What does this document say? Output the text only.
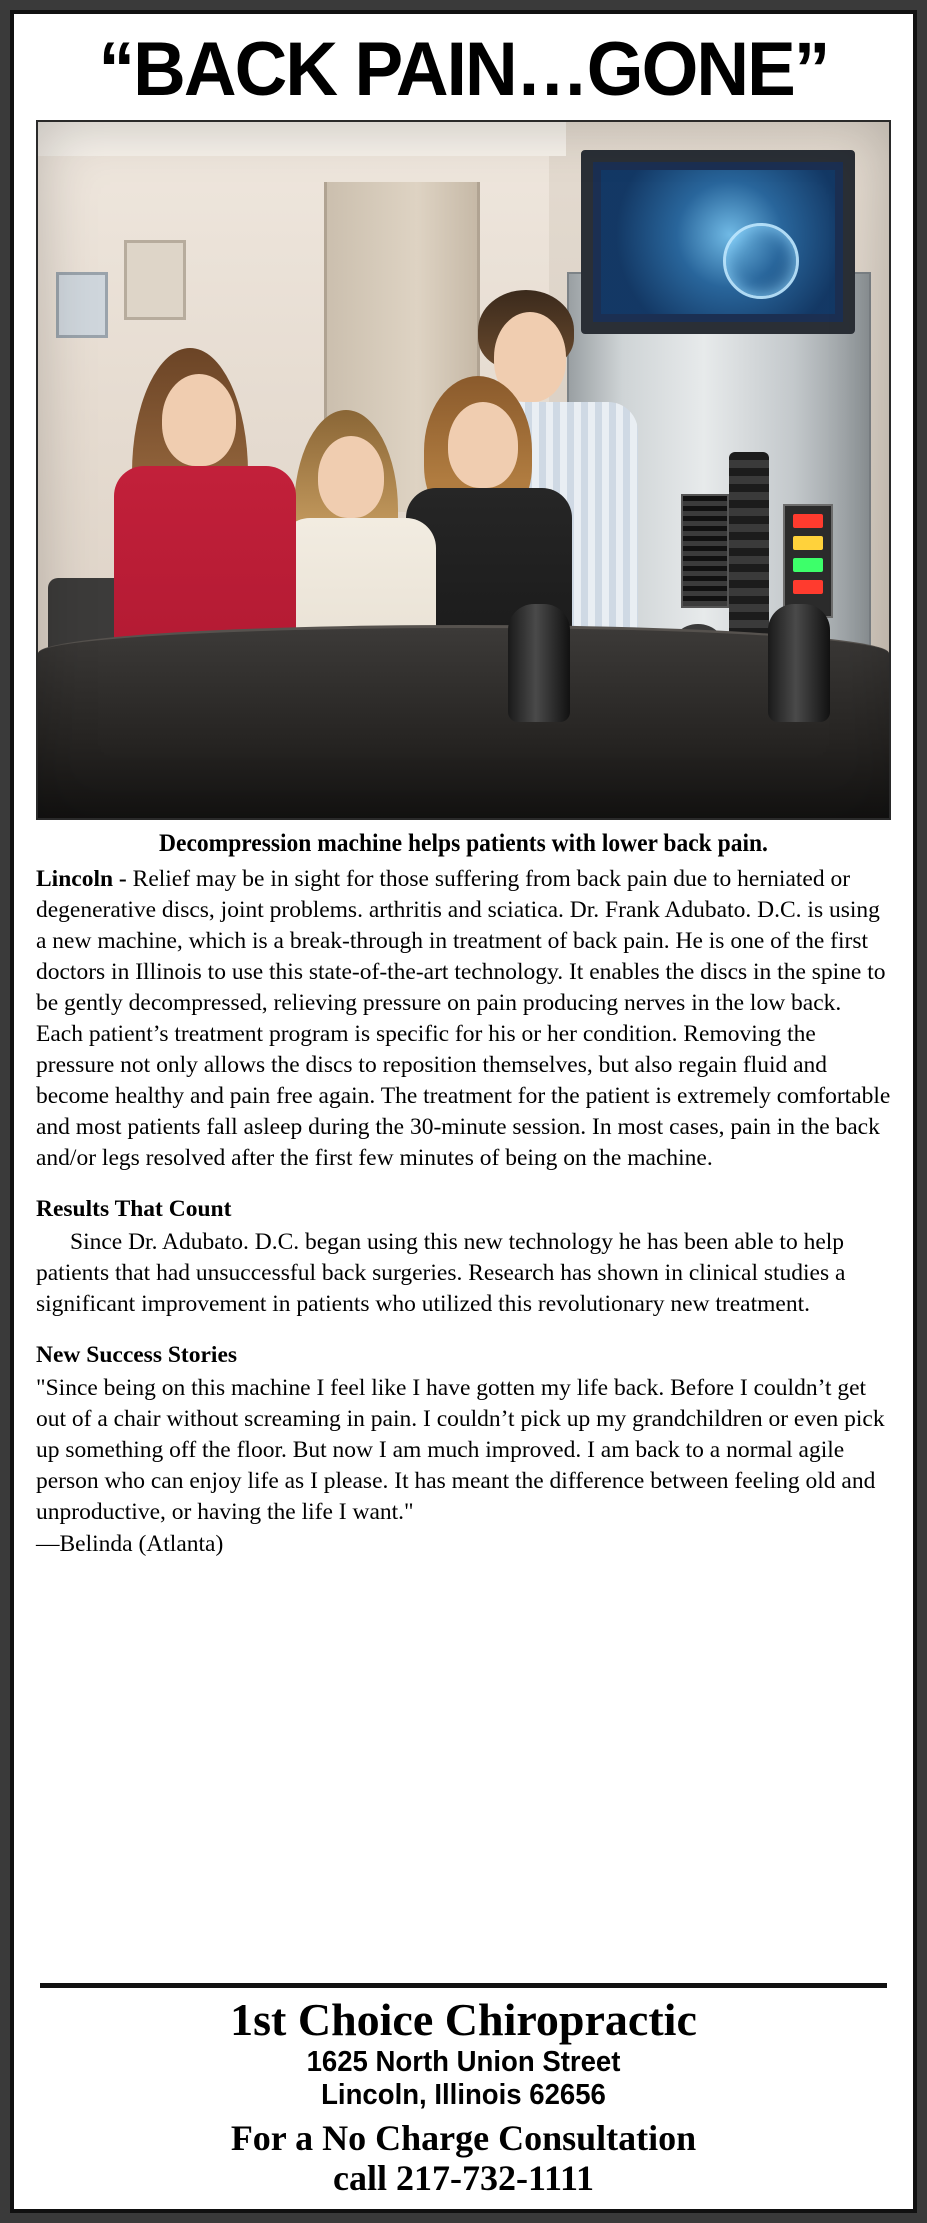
“BACK PAIN…GONE”
Decompression machine helps patients with lower back pain.

Lincoln - Relief may be in sight for those suffering from back pain due to herniated or degenerative discs, joint problems. arthritis and sciatica. Dr. Frank Adubato. D.C. is using a new machine, which is a break-through in treatment of back pain. He is one of the first doctors in Illinois to use this state-of-the-art technology. It enables the discs in the spine to be gently decompressed, relieving pressure on pain producing nerves in the low back. Each patient’s treatment program is specific for his or her condition. Removing the pressure not only allows the discs to reposition themselves, but also regain fluid and become healthy and pain free again. The treatment for the patient is extremely comfortable and most patients fall asleep during the 30-minute session. In most cases, pain in the back and/or legs resolved after the first few minutes of being on the machine.

Results That Count

Since Dr. Adubato. D.C. began using this new technology he has been able to help patients that had unsuccessful back surgeries. Research has shown in clinical studies a significant improvement in patients who utilized this revolutionary new treatment.

New Success Stories

"Since being on this machine I feel like I have gotten my life back. Before I couldn’t get out of a chair without screaming in pain. I couldn’t pick up my grandchildren or even pick up something off the floor. But now I am much improved. I am back to a normal agile person who can enjoy life as I please. It has meant the difference between feeling old and unproductive, or having the life I want."

—Belinda (Atlanta)

1st Choice Chiropractic
1625 North Union Street
Lincoln, Illinois 62656
For a No Charge Consultation
call 217-732-1111
